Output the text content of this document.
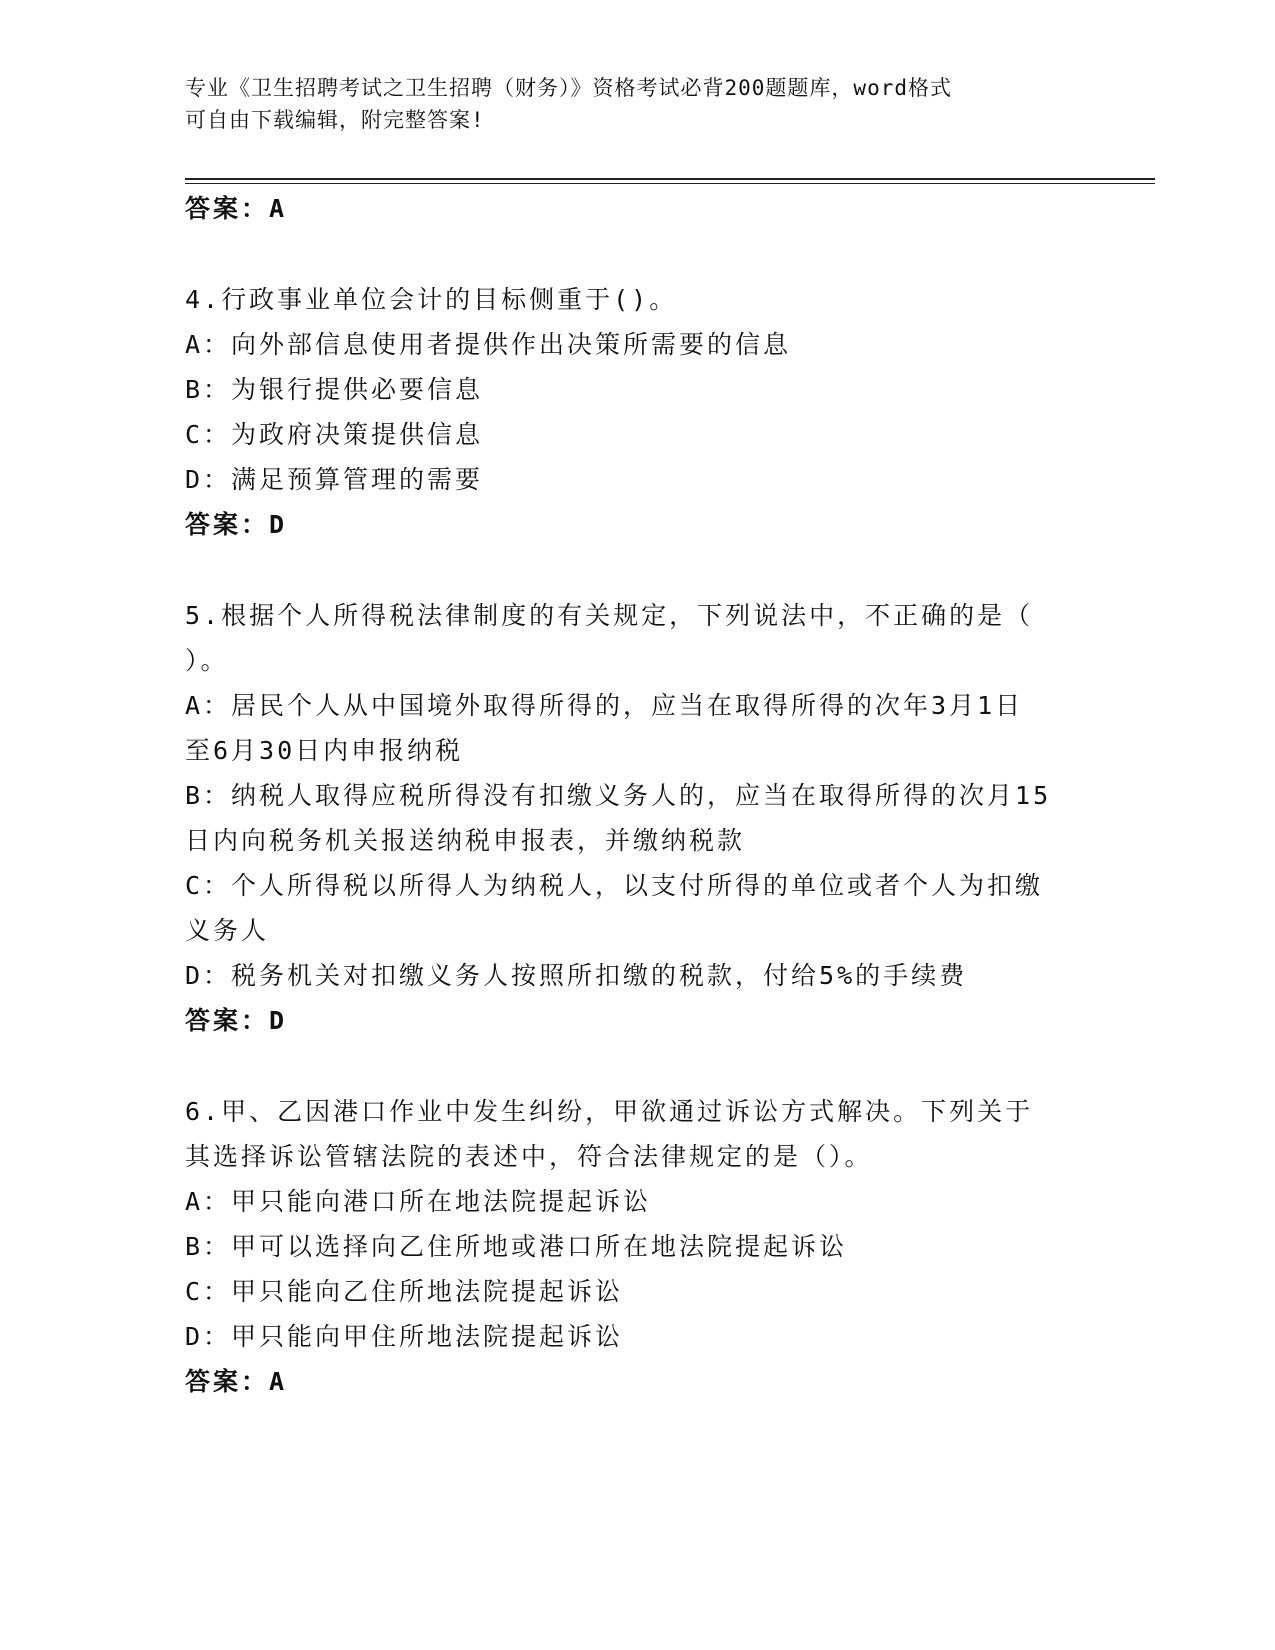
专业《卫生招聘考试之卫生招聘（财务）》资格考试必背200题题库，word格式
可自由下载编辑，附完整答案!
答案：A
4.行政事业单位会计的目标侧重于()。
A：向外部信息使用者提供作出决策所需要的信息
B：为银行提供必要信息
C：为政府决策提供信息
D：满足预算管理的需要
答案：D
5.根据个人所得税法律制度的有关规定，下列说法中，不正确的是（
）。
A：居民个人从中国境外取得所得的，应当在取得所得的次年3月1日
至6月30日内申报纳税
B：纳税人取得应税所得没有扣缴义务人的，应当在取得所得的次月15
日内向税务机关报送纳税申报表，并缴纳税款
C：个人所得税以所得人为纳税人，以支付所得的单位或者个人为扣缴
义务人
D：税务机关对扣缴义务人按照所扣缴的税款，付给5%的手续费
答案：D
6.甲、乙因港口作业中发生纠纷，甲欲通过诉讼方式解决。下列关于
其选择诉讼管辖法院的表述中，符合法律规定的是（）。
A：甲只能向港口所在地法院提起诉讼
B：甲可以选择向乙住所地或港口所在地法院提起诉讼
C：甲只能向乙住所地法院提起诉讼
D：甲只能向甲住所地法院提起诉讼
答案：A
